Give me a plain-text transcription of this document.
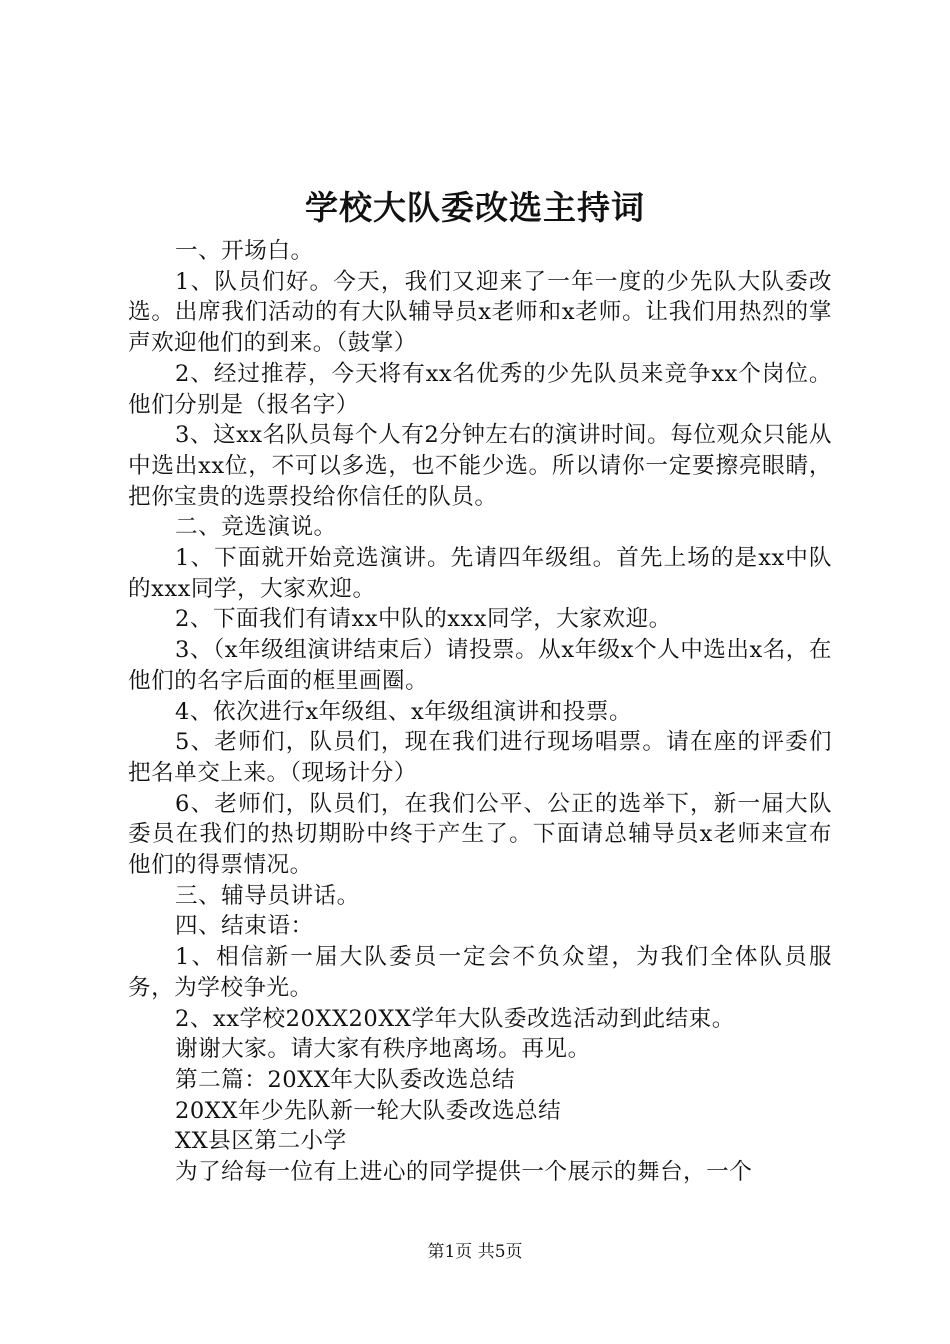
学校大队委改选主持词

一、开场白。

1、队员们好。今天，我们又迎来了一年一度的少先队大队委改选。出席我们活动的有大队辅导员x老师和x老师。让我们用热烈的掌声欢迎他们的到来。（鼓掌）

2、经过推荐，今天将有xx名优秀的少先队员来竞争xx个岗位。他们分别是（报名字）

3、这xx名队员每个人有2分钟左右的演讲时间。每位观众只能从中选出xx位，不可以多选，也不能少选。所以请你一定要擦亮眼睛，把你宝贵的选票投给你信任的队员。

二、竞选演说。

1、下面就开始竞选演讲。先请四年级组。首先上场的是xx中队的xxx同学，大家欢迎。

2、下面我们有请xx中队的xxx同学，大家欢迎。

3、（x年级组演讲结束后）请投票。从x年级x个人中选出x名，在他们的名字后面的框里画圈。

4、依次进行x年级组、x年级组演讲和投票。

5、老师们，队员们，现在我们进行现场唱票。请在座的评委们把名单交上来。（现场计分）

6、老师们，队员们，在我们公平、公正的选举下，新一届大队委员在我们的热切期盼中终于产生了。下面请总辅导员x老师来宣布他们的得票情况。

三、辅导员讲话。

四、结束语：

1、相信新一届大队委员一定会不负众望，为我们全体队员服务，为学校争光。

2、xx学校20XX20XX学年大队委改选活动到此结束。

谢谢大家。请大家有秩序地离场。再见。

第二篇：20XX年大队委改选总结

20XX年少先队新一轮大队委改选总结

XX县区第二小学

为了给每一位有上进心的同学提供一个展示的舞台，一个

第1页 共5页
